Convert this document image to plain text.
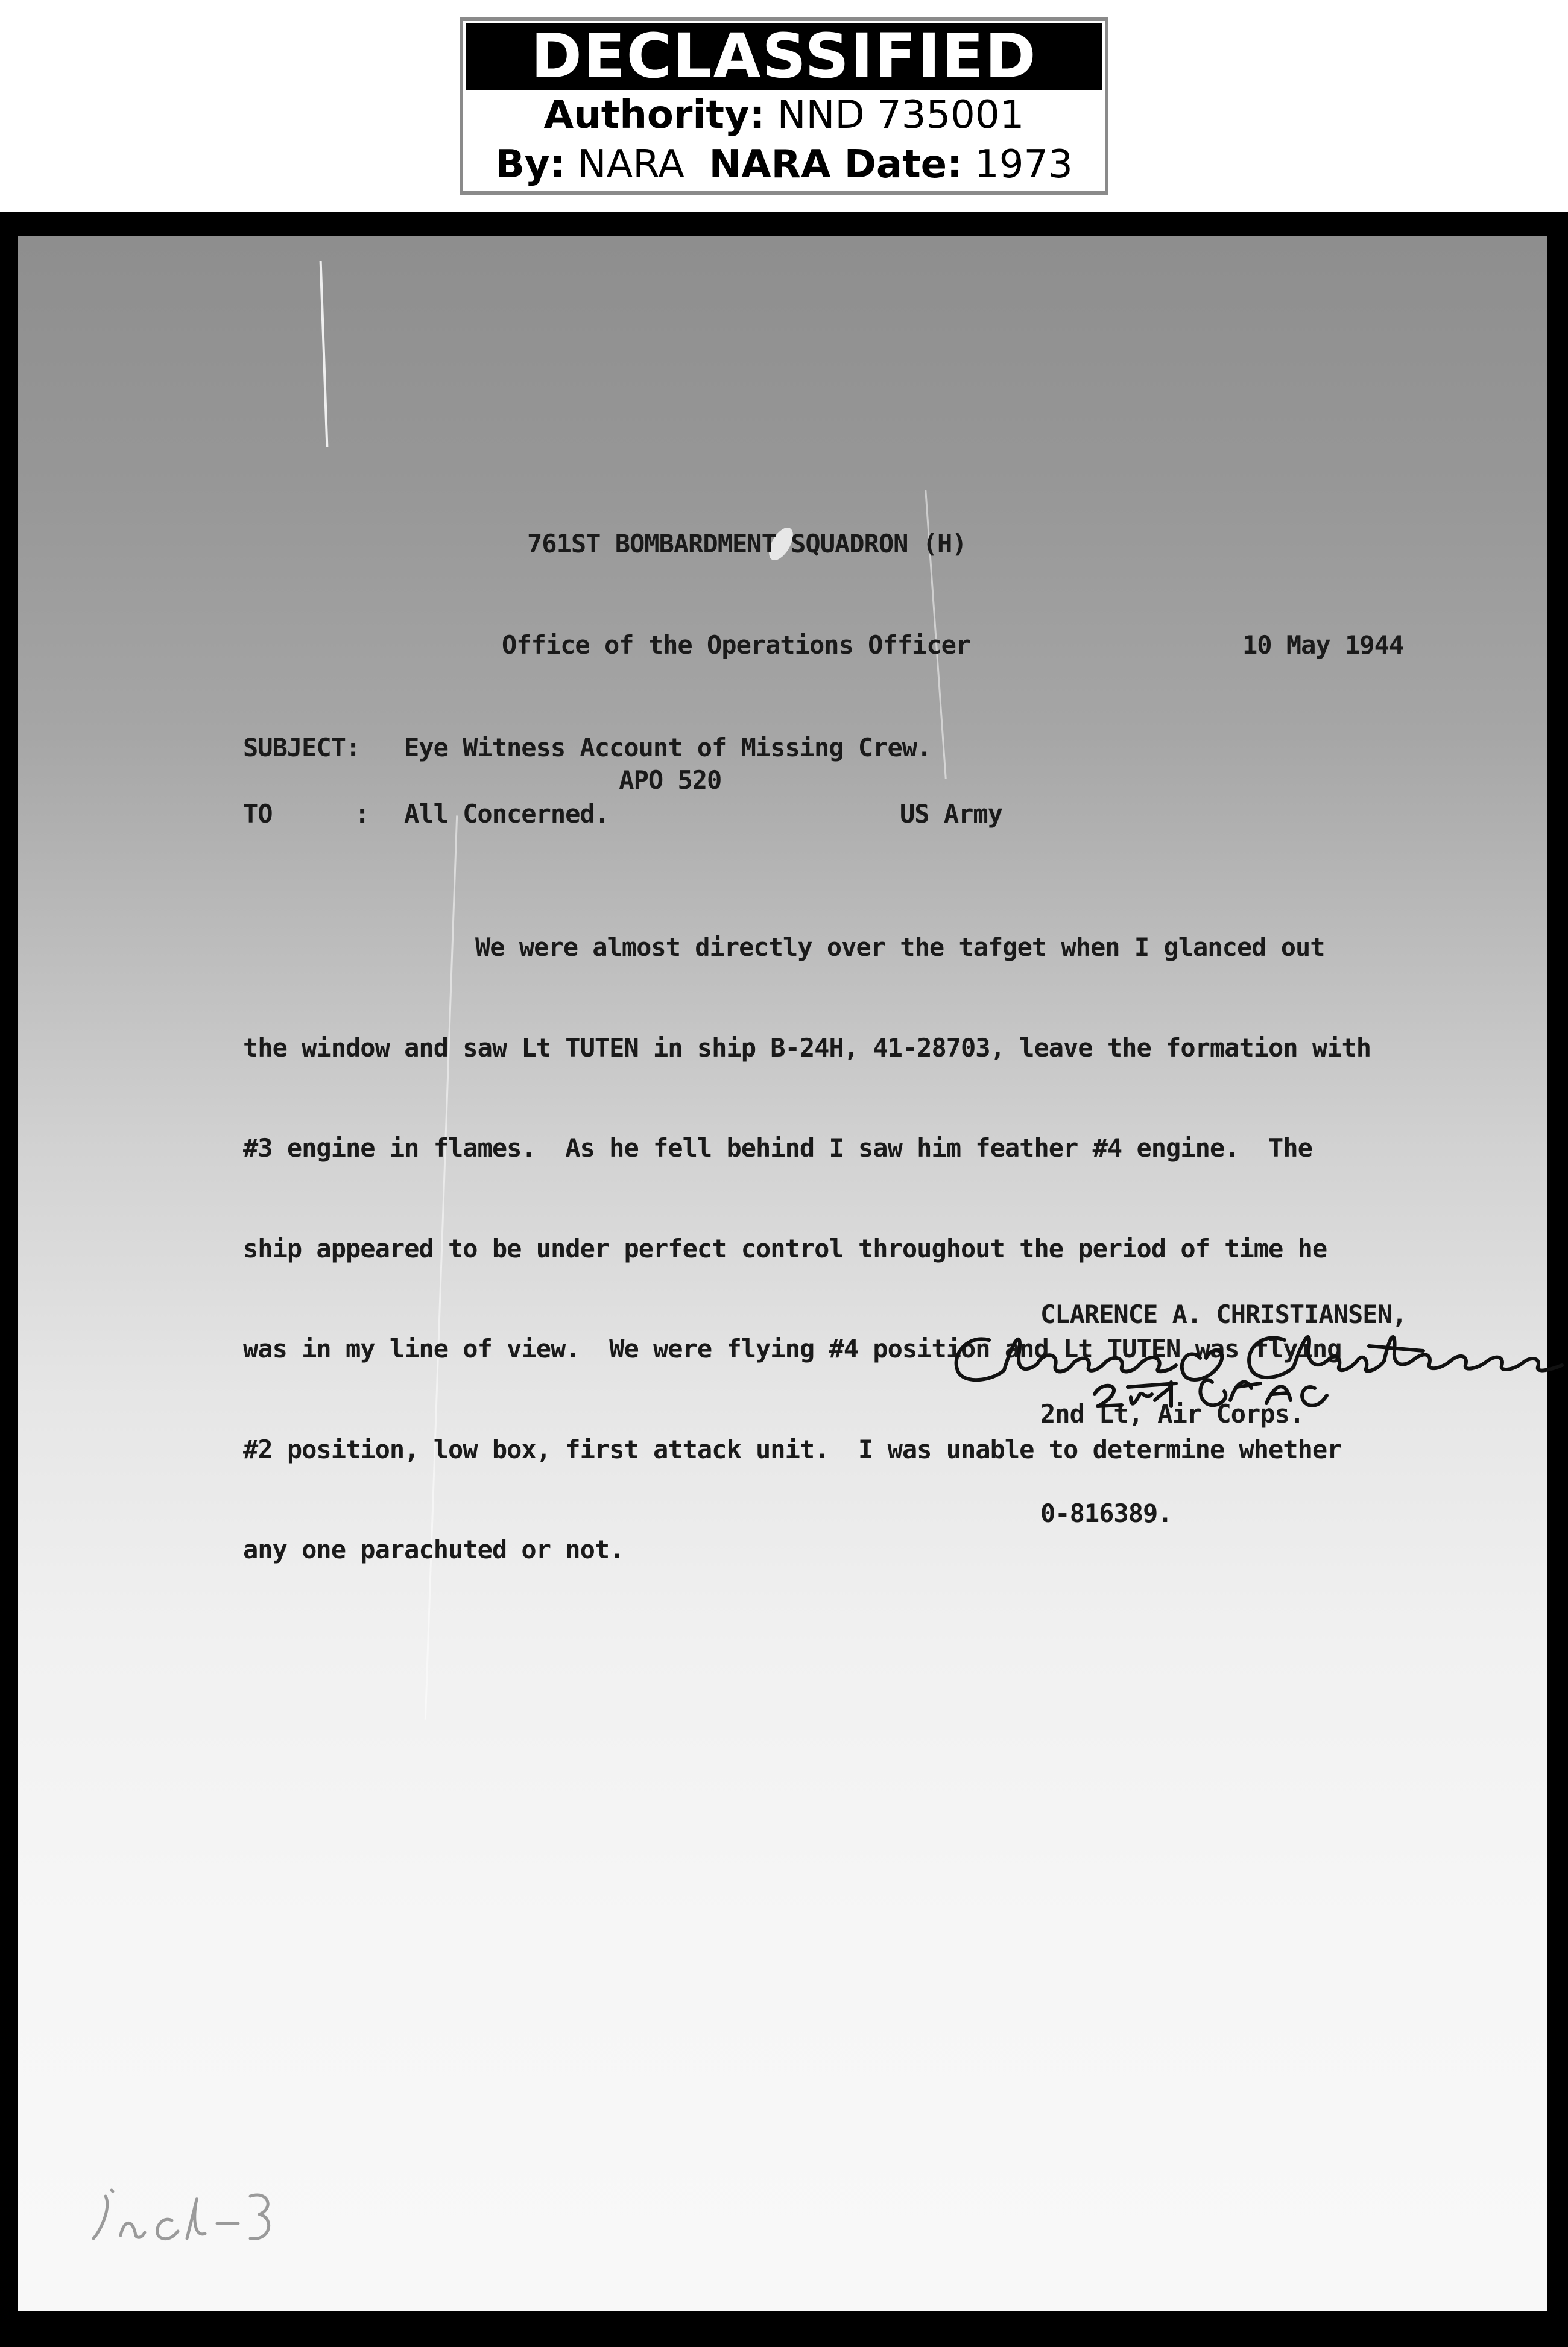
DECLASSIFIED
Authority: NND 735001
By: NARA NARA Date: 1973

761ST BOMBARDMENT SQUADRON (H)

Office of the Operations Officer

APO 520

US Army

10 May 1944
SUBJECT: Eye Witness Account of Missing Crew.
TO	: All Concerned.

We were almost directly over the tafget when I glanced out

the window and saw Lt TUTEN in ship B-24H, 41-28703, leave the formation with

#3 engine in flames.  As he fell behind I saw him feather #4 engine.  The

ship appeared to be under perfect control throughout the period of time he

was in my line of view.  We were flying #4 position and Lt TUTEN was flying

#2 position, low box, first attack unit.  I was unable to determine whether

any one parachuted or not.

CLARENCE A. CHRISTIANSEN,

2nd Lt, Air Corps.

0-816389.
